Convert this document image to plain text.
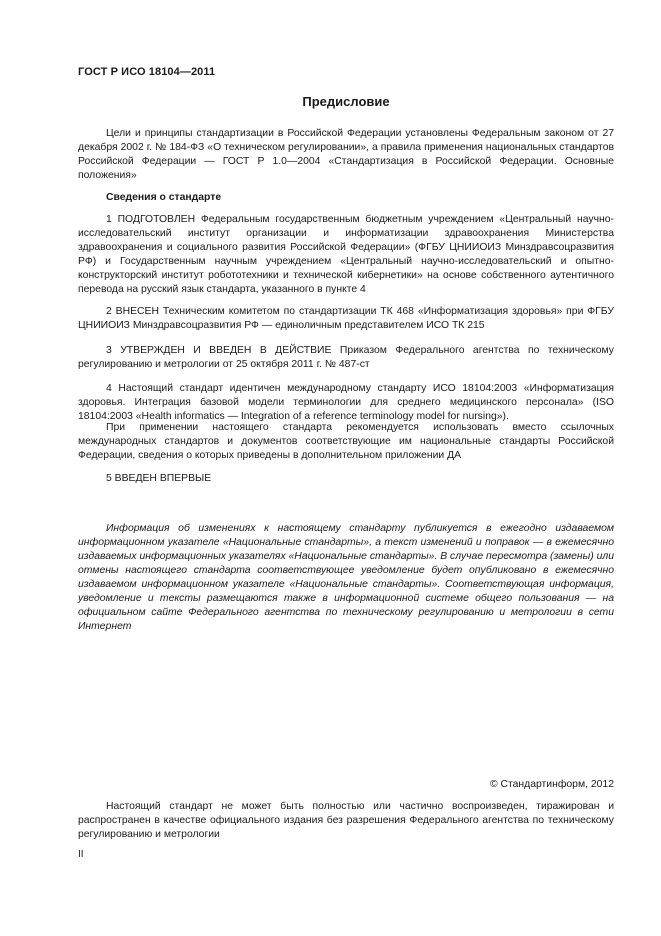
ГОСТ Р ИСО 18104—2011
Предисловие

Цели и принципы стандартизации в Российской Федерации установлены Федеральным законом от 27 декабря 2002 г. № 184-ФЗ «О техническом регулировании», а правила применения национальных стандартов Российской Федерации — ГОСТ Р 1.0—2004 «Стандартизация в Российской Федерации. Основные положения»

Сведения о стандарте

1 ПОДГОТОВЛЕН Федеральным государственным бюджетным учреждением «Центральный научно-исследовательский институт организации и информатизации здравоохранения Министерства здравоохранения и социального развития Российской Федерации» (ФГБУ ЦНИИОИЗ Минздравсоцразвития РФ) и Государственным научным учреждением «Центральный научно-исследовательский и опытно-конструкторский институт робототехники и технической кибернетики» на основе собственного аутентичного перевода на русский язык стандарта, указанного в пункте 4

2 ВНЕСЕН Техническим комитетом по стандартизации ТК 468 «Информатизация здоровья» при ФГБУ ЦНИИОИЗ Минздравсоцразвития РФ — единоличным представителем ИСО ТК 215

3 УТВЕРЖДЕН И ВВЕДЕН В ДЕЙСТВИЕ Приказом Федерального агентства по техническому регулированию и метрологии от 25 октября 2011 г. № 487-ст

4 Настоящий стандарт идентичен международному стандарту ИСО 18104:2003 «Информатизация здоровья. Интеграция базовой модели терминологии для среднего медицинского персонала» (ISO 18104:2003 «Health informatics — Integration of a reference terminology model for nursing»).

При применении настоящего стандарта рекомендуется использовать вместо ссылочных международных стандартов и документов соответствующие им национальные стандарты Российской Федерации, сведения о которых приведены в дополнительном приложении ДА

5 ВВЕДЕН ВПЕРВЫЕ

Информация об изменениях к настоящему стандарту публикуется в ежегодно издаваемом информационном указателе «Национальные стандарты», а текст изменений и поправок — в ежемесячно издаваемых информационных указателях «Национальные стандарты». В случае пересмотра (замены) или отмены настоящего стандарта соответствующее уведомление будет опубликовано в ежемесячно издаваемом информационном указателе «Национальные стандарты». Соответствующая информация, уведомление и тексты размещаются также в информационной системе общего пользования — на официальном сайте Федерального агентства по техническому регулированию и метрологии в сети Интернет

© Стандартинформ, 2012

Настоящий стандарт не может быть полностью или частично воспроизведен, тиражирован и распространен в качестве официального издания без разрешения Федерального агентства по техническому регулированию и метрологии

II
